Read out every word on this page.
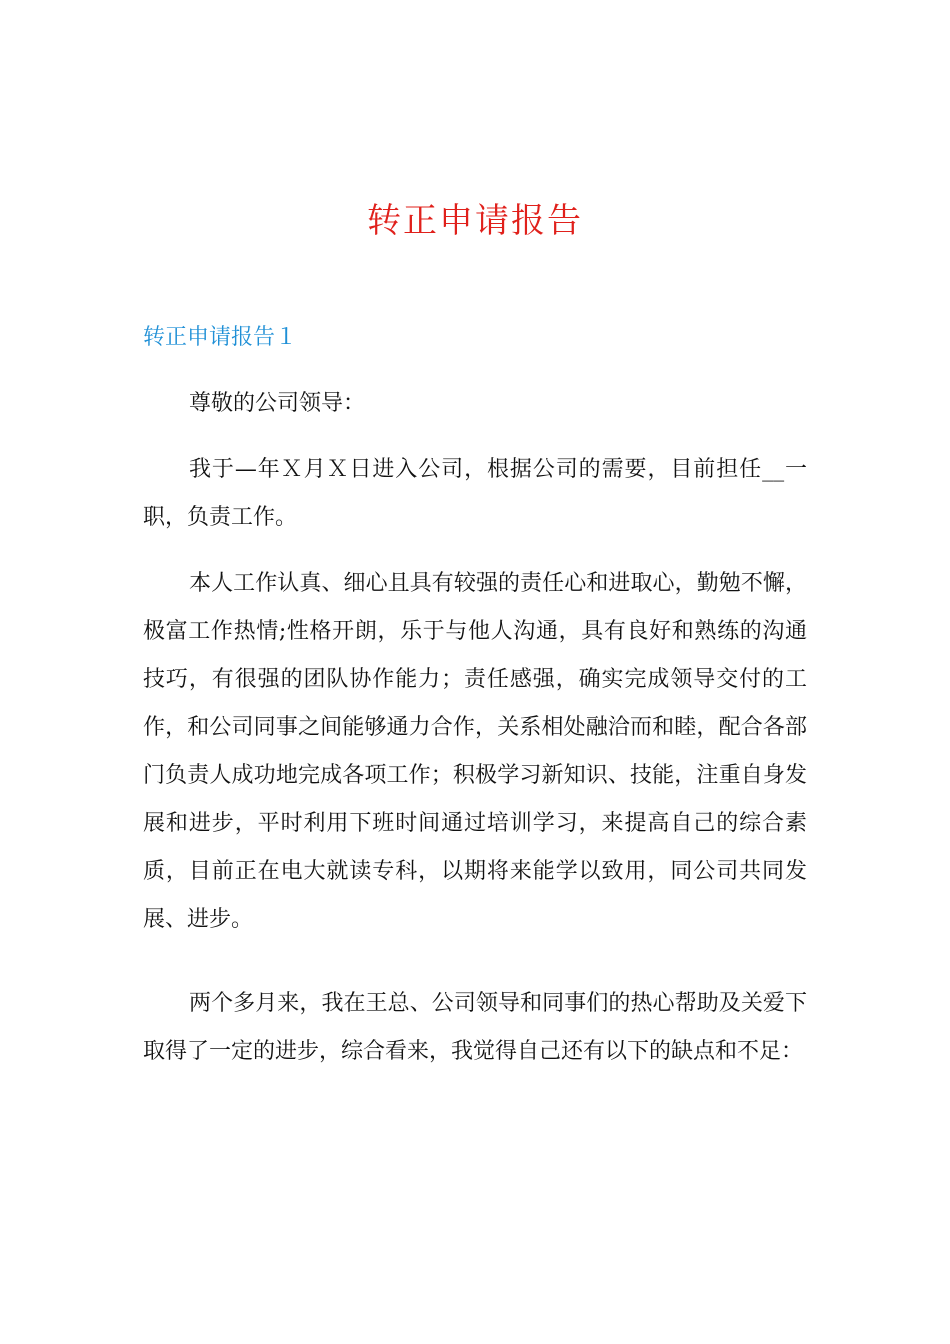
转正申请报告
转正申请报告１

尊敬的公司领导：

我于—年Ｘ月Ｘ日进入公司，根据公司的需要，目前担任__一职，负责工作。

本人工作认真、细心且具有较强的责任心和进取心，勤勉不懈，极富工作热情;性格开朗，乐于与他人沟通，具有良好和熟练的沟通技巧，有很强的团队协作能力；责任感强，确实完成领导交付的工作，和公司同事之间能够通力合作，关系相处融洽而和睦，配合各部门负责人成功地完成各项工作；积极学习新知识、技能，注重自身发展和进步，平时利用下班时间通过培训学习，来提高自己的综合素质，目前正在电大就读专科，以期将来能学以致用，同公司共同发展、进步。

两个多月来，我在王总、公司领导和同事们的热心帮助及关爱下取得了一定的进步，综合看来，我觉得自己还有以下的缺点和不足：
